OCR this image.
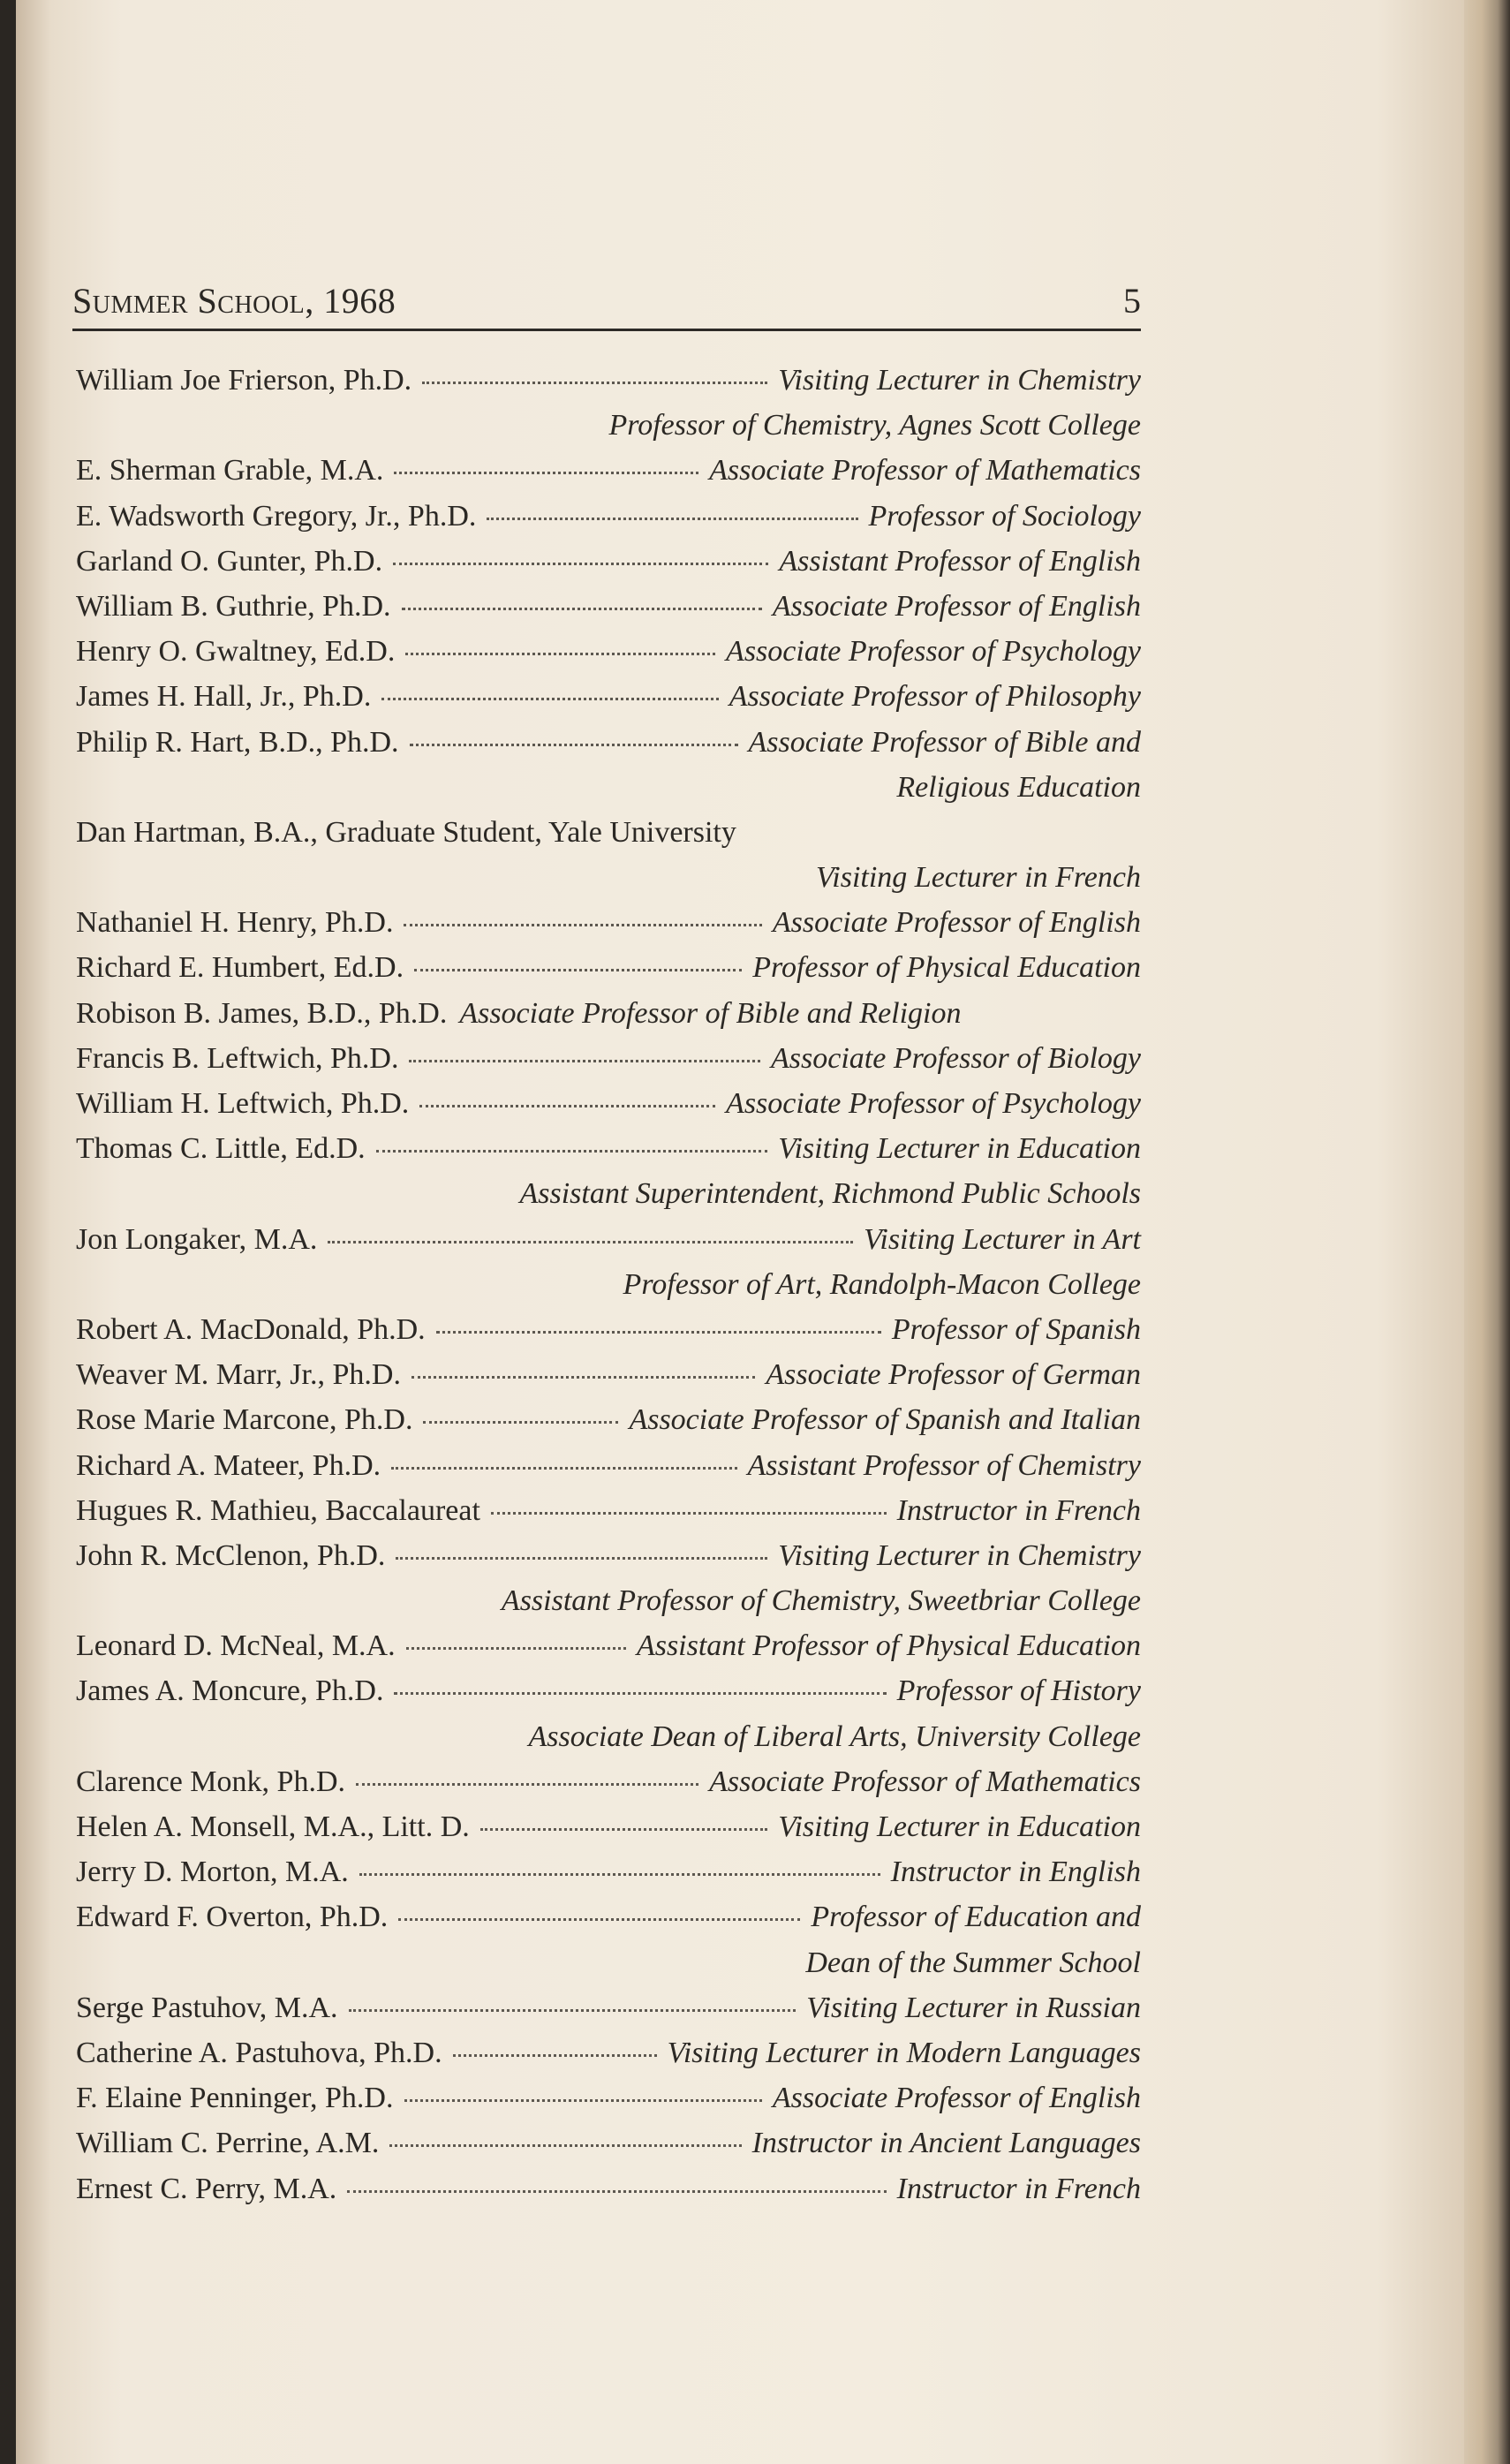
Summer School, 1968	5
William Joe Frierson, Ph.D.	Visiting Lecturer in Chemistry
Professor of Chemistry, Agnes Scott College
E. Sherman Grable, M.A.	Associate Professor of Mathematics
E. Wadsworth Gregory, Jr., Ph.D.	Professor of Sociology
Garland O. Gunter, Ph.D.	Assistant Professor of English
William B. Guthrie, Ph.D.	Associate Professor of English
Henry O. Gwaltney, Ed.D.	Associate Professor of Psychology
James H. Hall, Jr., Ph.D.	Associate Professor of Philosophy
Philip R. Hart, B.D., Ph.D.	Associate Professor of Bible and
Religious Education
Dan Hartman, B.A., Graduate Student, Yale University
Visiting Lecturer in French
Nathaniel H. Henry, Ph.D.	Associate Professor of English
Richard E. Humbert, Ed.D.	Professor of Physical Education
Robison B. James, B.D., Ph.D. Associate Professor of Bible and Religion
Francis B. Leftwich, Ph.D.	Associate Professor of Biology
William H. Leftwich, Ph.D.	Associate Professor of Psychology
Thomas C. Little, Ed.D.	Visiting Lecturer in Education
Assistant Superintendent, Richmond Public Schools
Jon Longaker, M.A.	Visiting Lecturer in Art
Professor of Art, Randolph-Macon College
Robert A. MacDonald, Ph.D.	Professor of Spanish
Weaver M. Marr, Jr., Ph.D.	Associate Professor of German
Rose Marie Marcone, Ph.D.	Associate Professor of Spanish and Italian
Richard A. Mateer, Ph.D.	Assistant Professor of Chemistry
Hugues R. Mathieu, Baccalaureat	Instructor in French
John R. McClenon, Ph.D.	Visiting Lecturer in Chemistry
Assistant Professor of Chemistry, Sweetbriar College
Leonard D. McNeal, M.A.	Assistant Professor of Physical Education
James A. Moncure, Ph.D.	Professor of History
Associate Dean of Liberal Arts, University College
Clarence Monk, Ph.D.	Associate Professor of Mathematics
Helen A. Monsell, M.A., Litt. D.	Visiting Lecturer in Education
Jerry D. Morton, M.A.	Instructor in English
Edward F. Overton, Ph.D.	Professor of Education and
Dean of the Summer School
Serge Pastuhov, M.A.	Visiting Lecturer in Russian
Catherine A. Pastuhova, Ph.D.	Visiting Lecturer in Modern Languages
F. Elaine Penninger, Ph.D.	Associate Professor of English
William C. Perrine, A.M.	Instructor in Ancient Languages
Ernest C. Perry, M.A.	Instructor in French
